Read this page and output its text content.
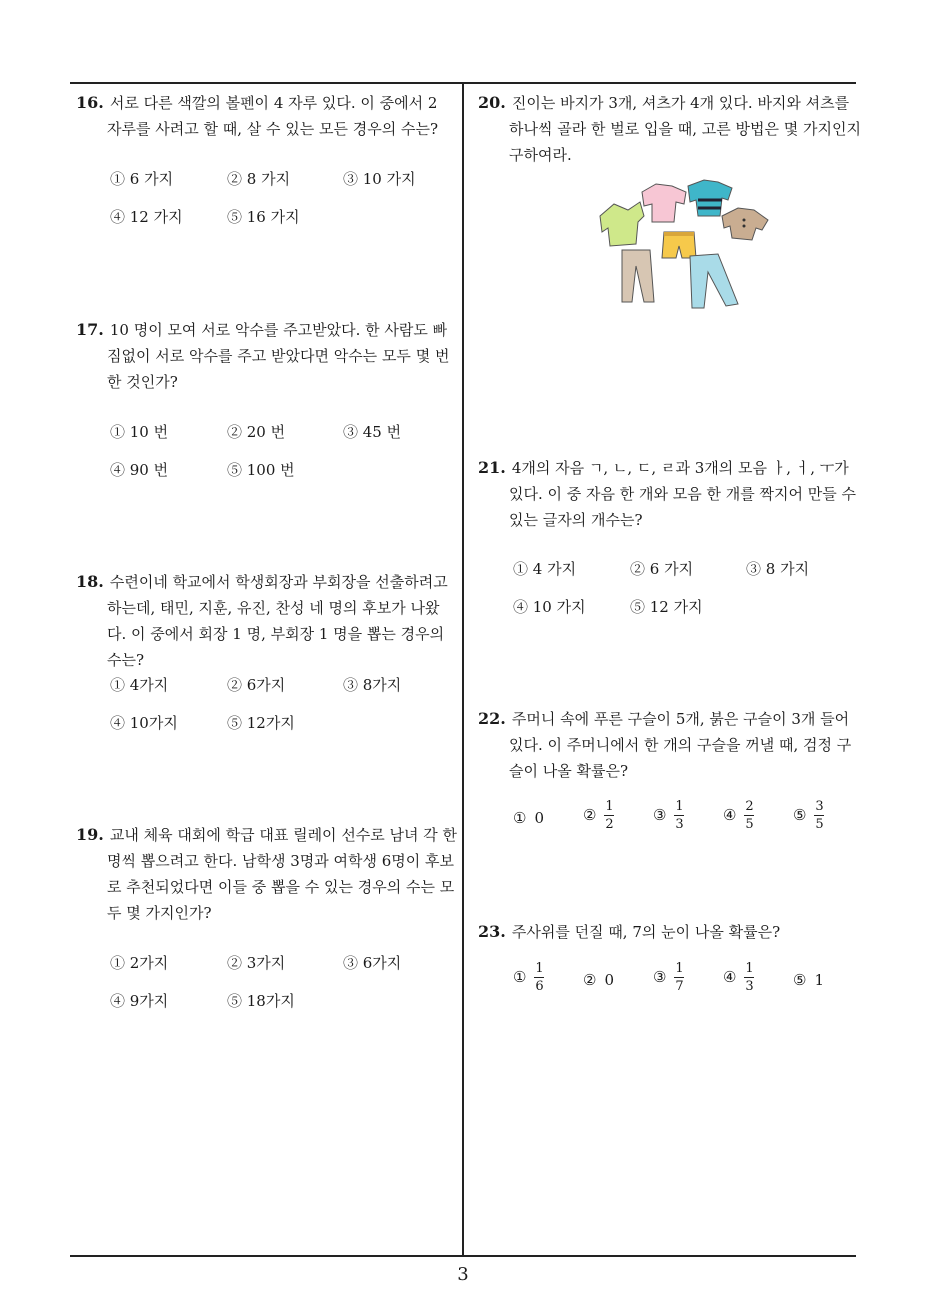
16. 서로 다른 색깔의 볼펜이 4 자루 있다. 이 중에서 2 자루를 사려고 할 때, 살 수 있는 모든 경우의 수는?
① 6 가지	② 8 가지	③ 10 가지
④ 12 가지	⑤ 16 가지
17. 10 명이 모여 서로 악수를 주고받았다. 한 사람도 빠짐없이 서로 악수를 주고 받았다면 악수는 모두 몇 번 한 것인가?
① 10 번	② 20 번	③ 45 번
④ 90 번	⑤ 100 번
18. 수련이네 학교에서 학생회장과 부회장을 선출하려고 하는데, 태민, 지훈, 유진, 찬성 네 명의 후보가 나왔다. 이 중에서 회장 1 명, 부회장 1 명을 뽑는 경우의 수는?
① 4가지	② 6가지	③ 8가지
④ 10가지	⑤ 12가지
19. 교내 체육 대회에 학급 대표 릴레이 선수로 남녀 각 한 명씩 뽑으려고 한다. 남학생 3명과 여학생 6명이 후보로 추천되었다면 이들 중 뽑을 수 있는 경우의 수는 모두 몇 가지인가?
① 2가지	② 3가지	③ 6가지
④ 9가지	⑤ 18가지
20. 진이는 바지가 3개, 셔츠가 4개 있다. 바지와 셔츠를 하나씩 골라 한 벌로 입을 때, 고른 방법은 몇 가지인지 구하여라.
21. 4개의 자음 ㄱ, ㄴ, ㄷ, ㄹ과 3개의 모음 ㅏ, ㅓ, ㅜ가 있다. 이 중 자음 한 개와 모음 한 개를 짝지어 만들 수 있는 글자의 개수는?
① 4 가지	② 6 가지	③ 8 가지
④ 10 가지	⑤ 12 가지
22. 주머니 속에 푸른 구슬이 5개, 붉은 구슬이 3개 들어 있다. 이 주머니에서 한 개의 구슬을 꺼낼 때, 검정 구슬이 나올 확률은?
① 0	② $\frac{1}{2}$	③ $\frac{1}{3}$	④ $\frac{2}{5}$	⑤ $\frac{3}{5}$
23. 주사위를 던질 때, 7의 눈이 나올 확률은?
① $\frac{1}{6}$	② 0	③ $\frac{1}{7}$	④ $\frac{1}{3}$	⑤ 1
3
